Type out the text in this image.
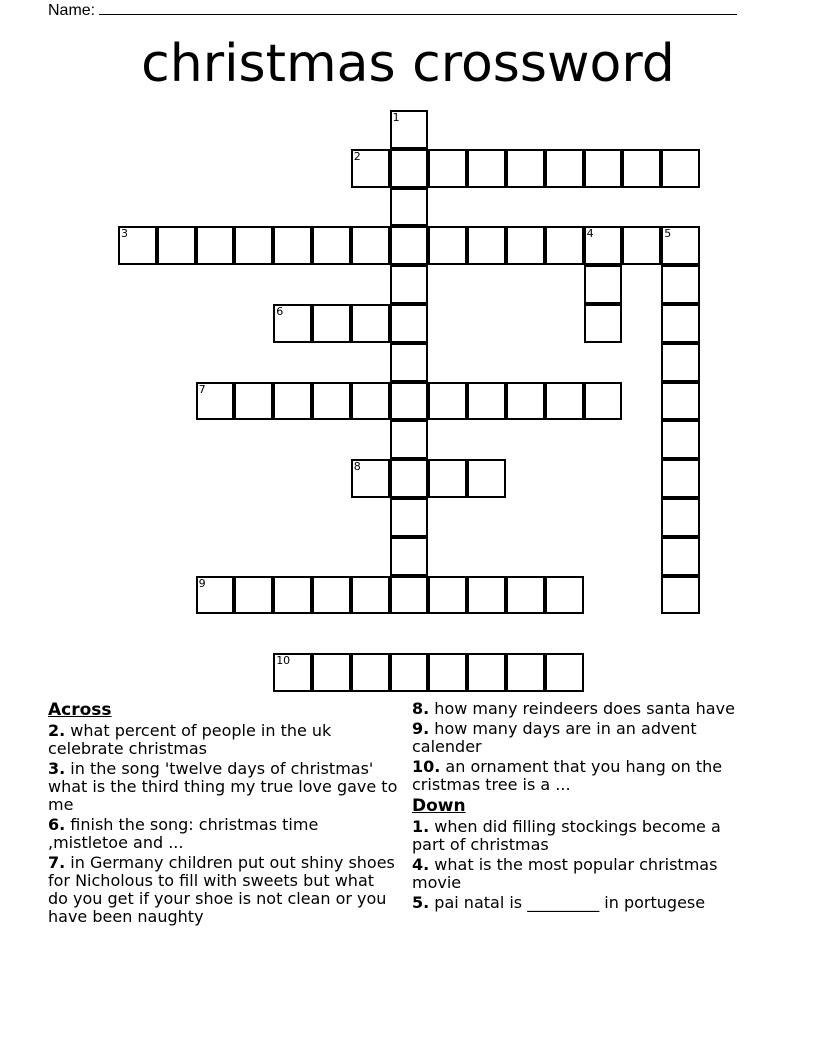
Name:
christmas crossword
1
2
3	4	5
6
7
8
9
10
Across
2. what percent of people in the uk celebrate christmas
3. in the song 'twelve days of christmas' what is the third thing my true love gave to me
6. finish the song: christmas time ,mistletoe and ...
7. in Germany children put out shiny shoes for Nicholous to fill with sweets but what do you get if your shoe is not clean or you have been naughty
8. how many reindeers does santa have
9. how many days are in an advent calender
10. an ornament that you hang on the cristmas tree is a ...
Down
1. when did filling stockings become a part of christmas
4. what is the most popular christmas movie
5. pai natal is _________ in portugese
